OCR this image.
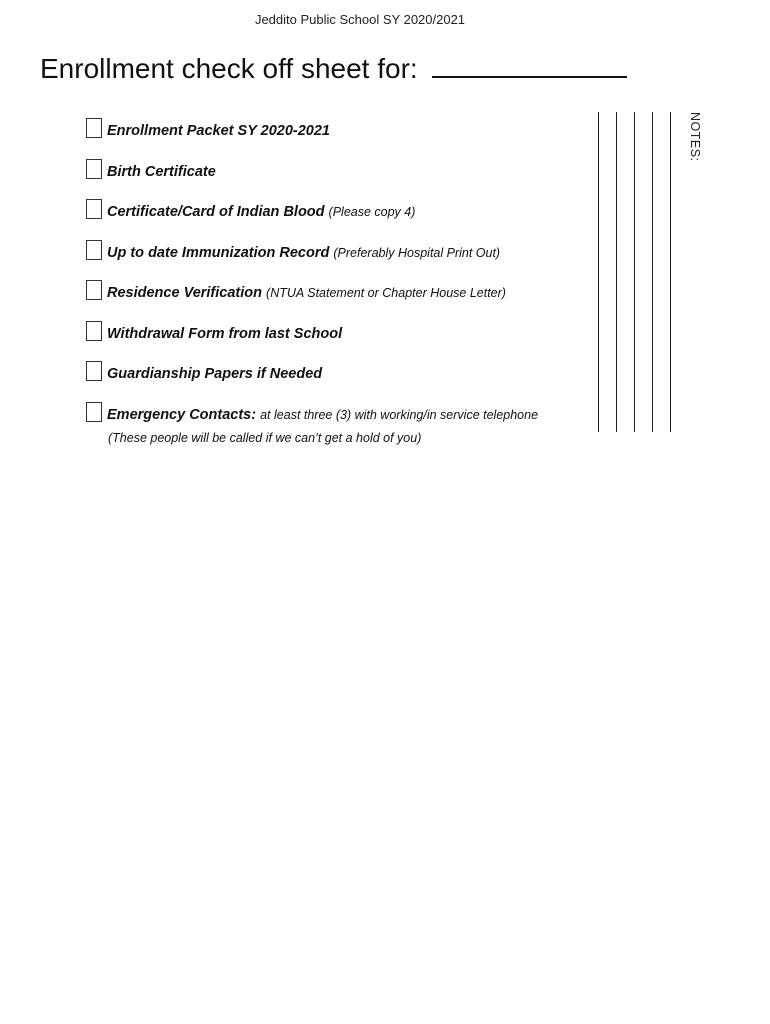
Jeddito Public School SY 2020/2021
Enrollment check off sheet for:
Enrollment Packet SY 2020-2021
Birth Certificate
Certificate/Card of Indian Blood (Please copy 4)
Up to date Immunization Record (Preferably Hospital Print Out)
Residence Verification (NTUA Statement or Chapter House Letter)
Withdrawal Form from last School
Guardianship Papers if Needed
Emergency Contacts: at least three (3) with working/in service telephone
(These people will be called if we can’t get a hold of you)
NOTES:
